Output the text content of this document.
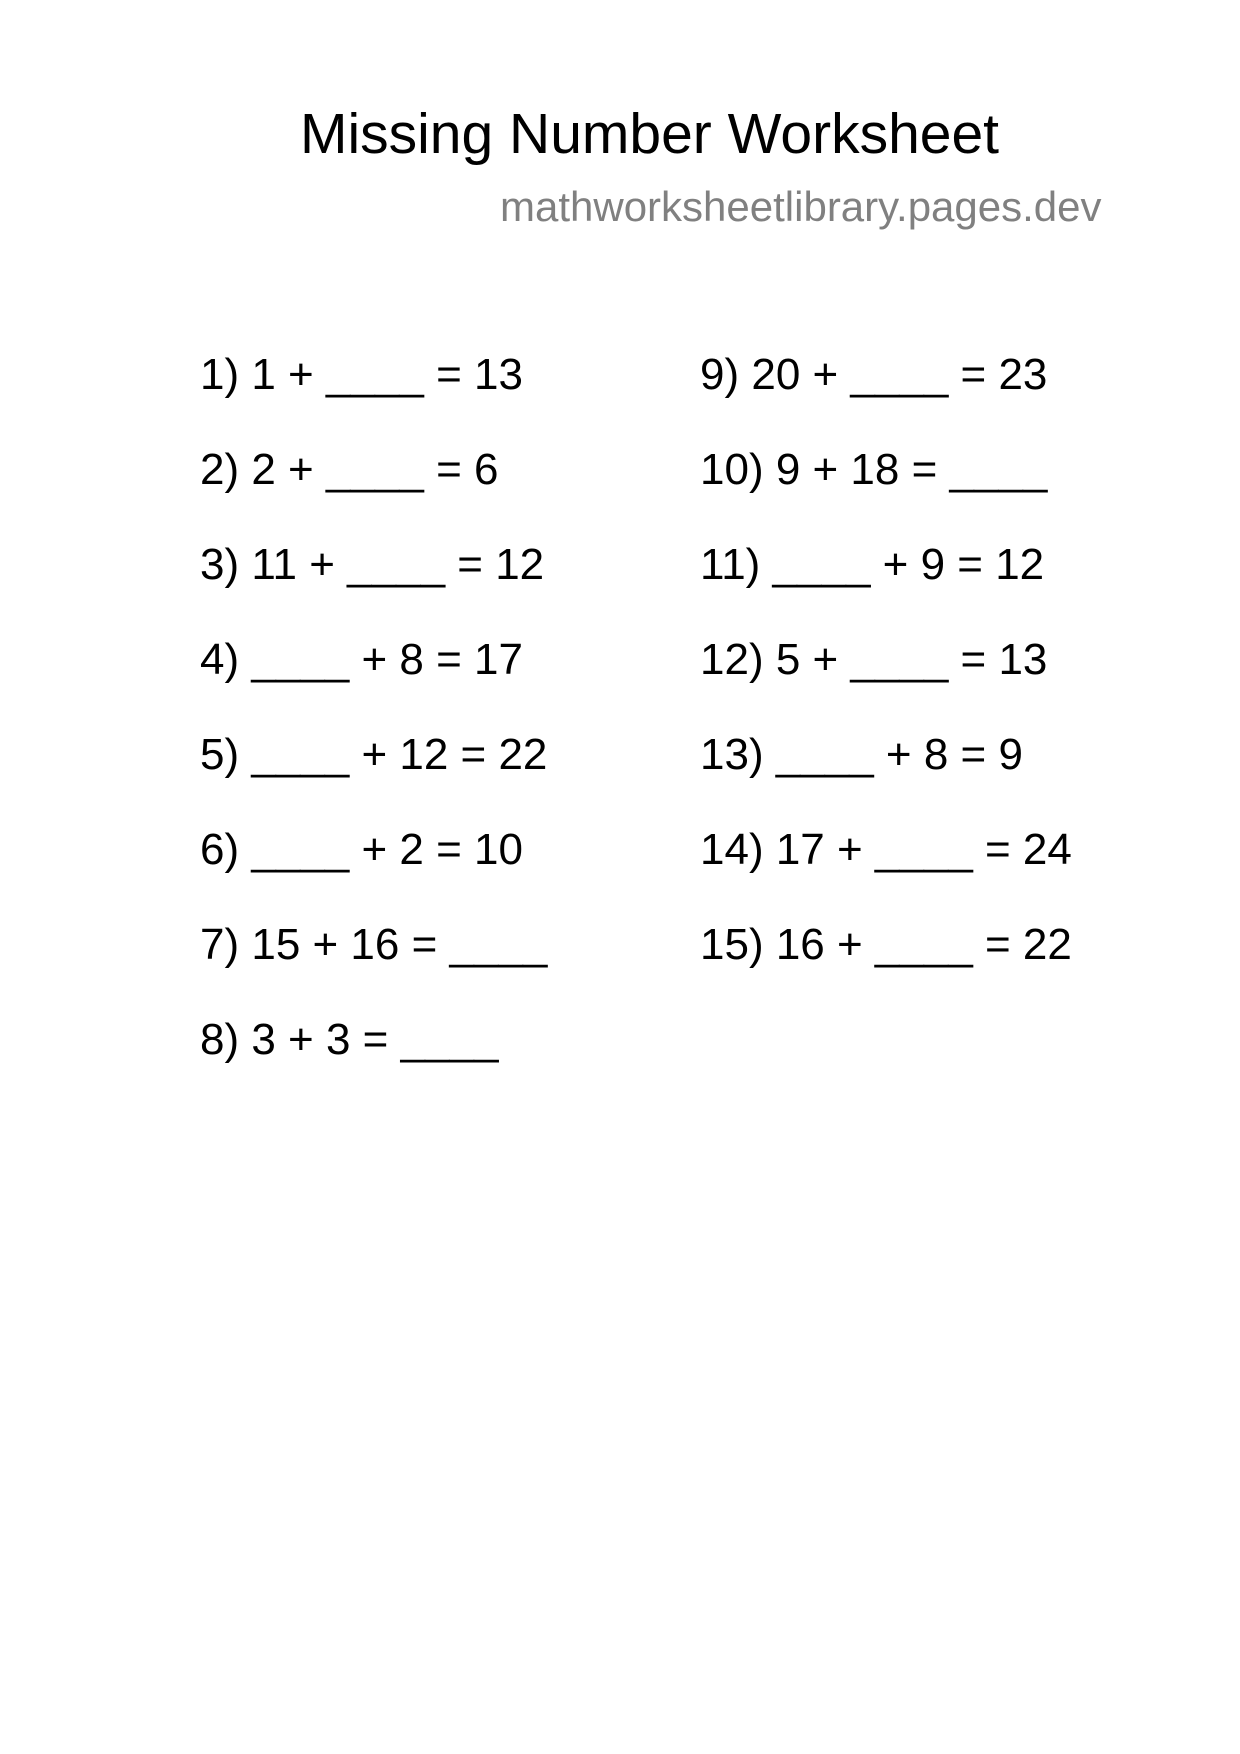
Missing Number Worksheet
mathworksheetlibrary.pages.dev
1) 1 + ____ = 13
2) 2 + ____ = 6
3) 11 + ____ = 12
4) ____ + 8 = 17
5) ____ + 12 = 22
6) ____ + 2 = 10
7) 15 + 16 = ____
8) 3 + 3 = ____
9) 20 + ____ = 23
10) 9 + 18 = ____
11) ____ + 9 = 12
12) 5 + ____ = 13
13) ____ + 8 = 9
14) 17 + ____ = 24
15) 16 + ____ = 22
